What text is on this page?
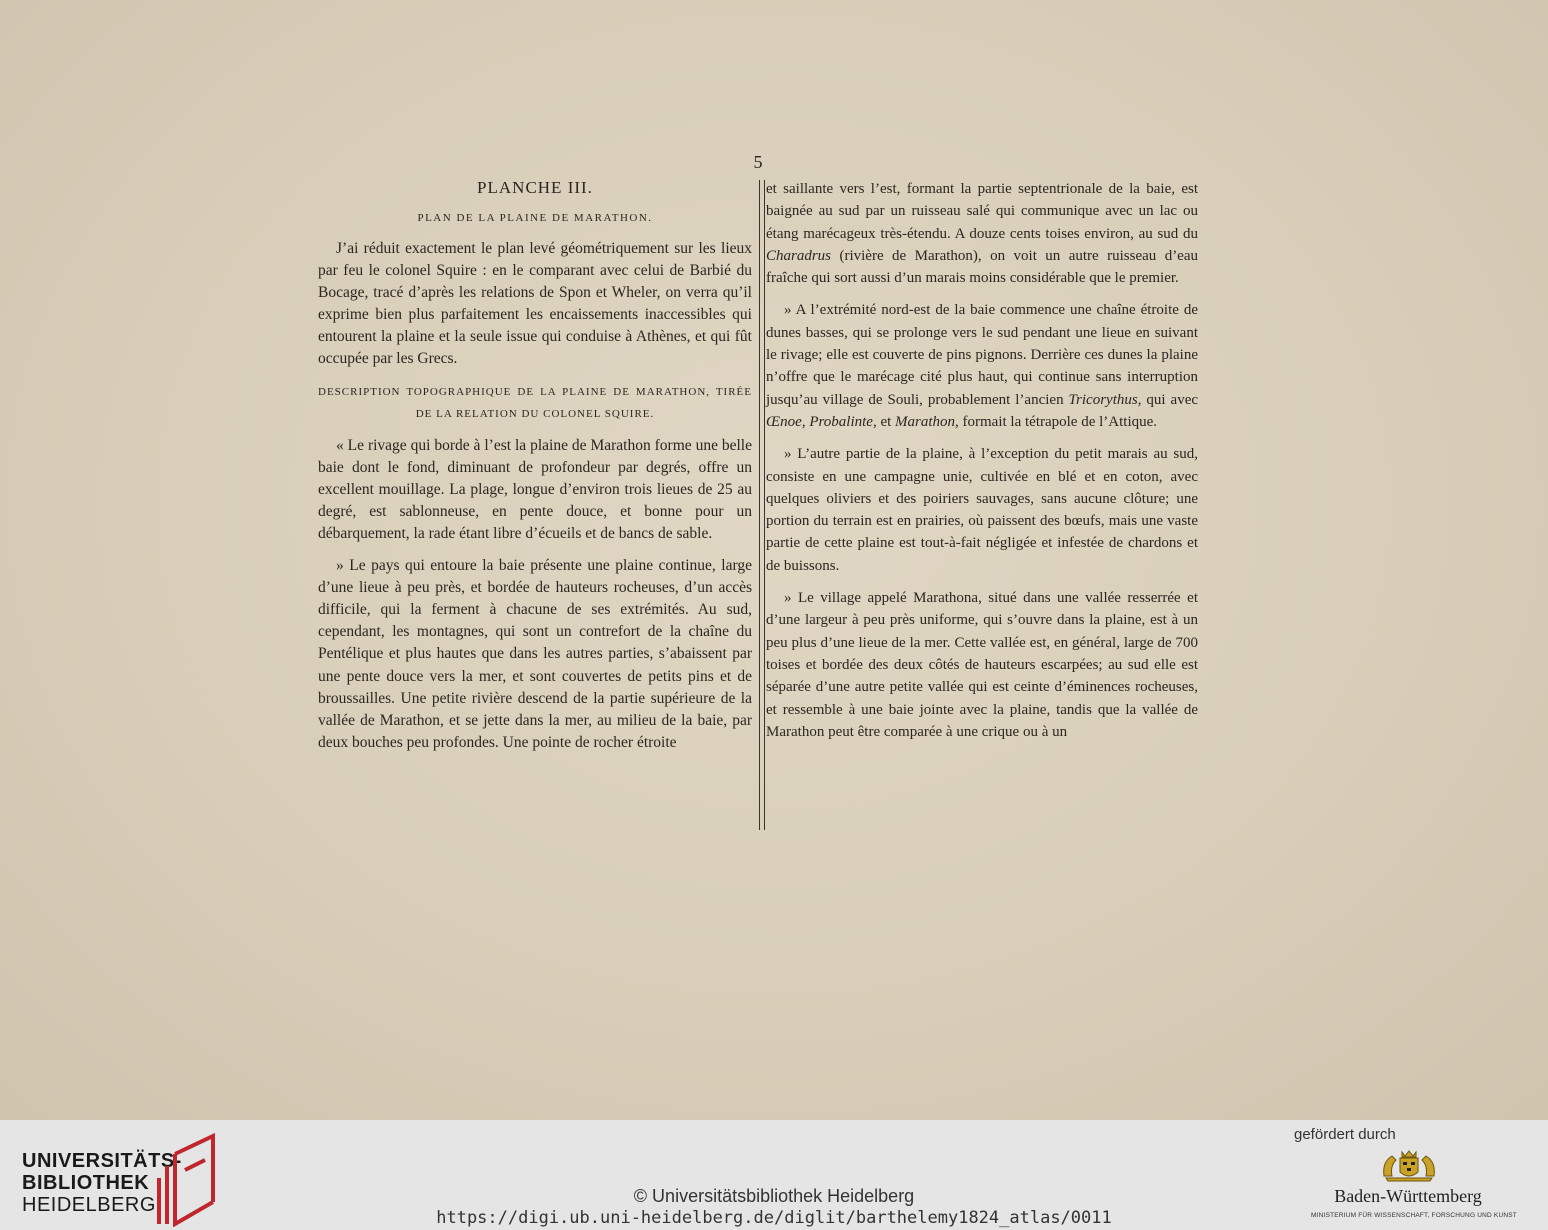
5
PLANCHE III.
PLAN DE LA PLAINE DE MARATHON.

J’ai réduit exactement le plan levé géométriquement sur les lieux par feu le colonel Squire : en le comparant avec celui de Barbié du Bocage, tracé d’après les relations de Spon et Wheler, on verra qu’il exprime bien plus parfaitement les encaissements inaccessibles qui entourent la plaine et la seule issue qui conduise à Athènes, et qui fût occupée par les Grecs.

DESCRIPTION TOPOGRAPHIQUE DE LA PLAINE DE MARATHON, TIRÉE DE LA RELATION DU COLONEL SQUIRE.

« Le rivage qui borde à l’est la plaine de Marathon forme une belle baie dont le fond, diminuant de profondeur par degrés, offre un excellent mouillage. La plage, longue d’environ trois lieues de 25 au degré, est sablonneuse, en pente douce, et bonne pour un débarquement, la rade étant libre d’écueils et de bancs de sable.

» Le pays qui entoure la baie présente une plaine continue, large d’une lieue à peu près, et bordée de hauteurs rocheuses, d’un accès difficile, qui la ferment à chacune de ses extrémités. Au sud, cependant, les montagnes, qui sont un contrefort de la chaîne du Pentélique et plus hautes que dans les autres parties, s’abaissent par une pente douce vers la mer, et sont couvertes de petits pins et de broussailles. Une petite rivière descend de la partie supérieure de la vallée de Marathon, et se jette dans la mer, au milieu de la baie, par deux bouches peu profondes. Une pointe de rocher étroite

et saillante vers l’est, formant la partie septentrionale de la baie, est baignée au sud par un ruisseau salé qui communique avec un lac ou étang marécageux très-étendu. A douze cents toises environ, au sud du Charadrus (rivière de Marathon), on voit un autre ruisseau d’eau fraîche qui sort aussi d’un marais moins considérable que le premier.

» A l’extrémité nord-est de la baie commence une chaîne étroite de dunes basses, qui se prolonge vers le sud pendant une lieue en suivant le rivage; elle est couverte de pins pignons. Derrière ces dunes la plaine n’offre que le marécage cité plus haut, qui continue sans interruption jusqu’au village de Souli, probablement l’ancien Tricorythus, qui avec Œnoe, Probalinte, et Marathon, formait la tétrapole de l’Attique.

» L’autre partie de la plaine, à l’exception du petit marais au sud, consiste en une campagne unie, cultivée en blé et en coton, avec quelques oliviers et des poiriers sauvages, sans aucune clôture; une portion du terrain est en prairies, où paissent des bœufs, mais une vaste partie de cette plaine est tout-à-fait négligée et infestée de chardons et de buissons.

» Le village appelé Marathona, situé dans une vallée resserrée et d’une largeur à peu près uniforme, qui s’ouvre dans la plaine, est à un peu plus d’une lieue de la mer. Cette vallée est, en général, large de 700 toises et bordée des deux côtés de hauteurs escarpées; au sud elle est séparée d’une autre petite vallée qui est ceinte d’éminences rocheuses, et ressemble à une baie jointe avec la plaine, tandis que la vallée de Marathon peut être comparée à une crique ou à un

UNIVERSITÄTS-
BIBLIOTHEK
HEIDELBERG	© Universitätsbibliothek Heidelberg
https://digi.ub.uni-heidelberg.de/diglit/barthelemy1824_atlas/0011
gefördert durch
Baden-Württemberg
MINISTERIUM FÜR WISSENSCHAFT, FORSCHUNG UND KUNST
